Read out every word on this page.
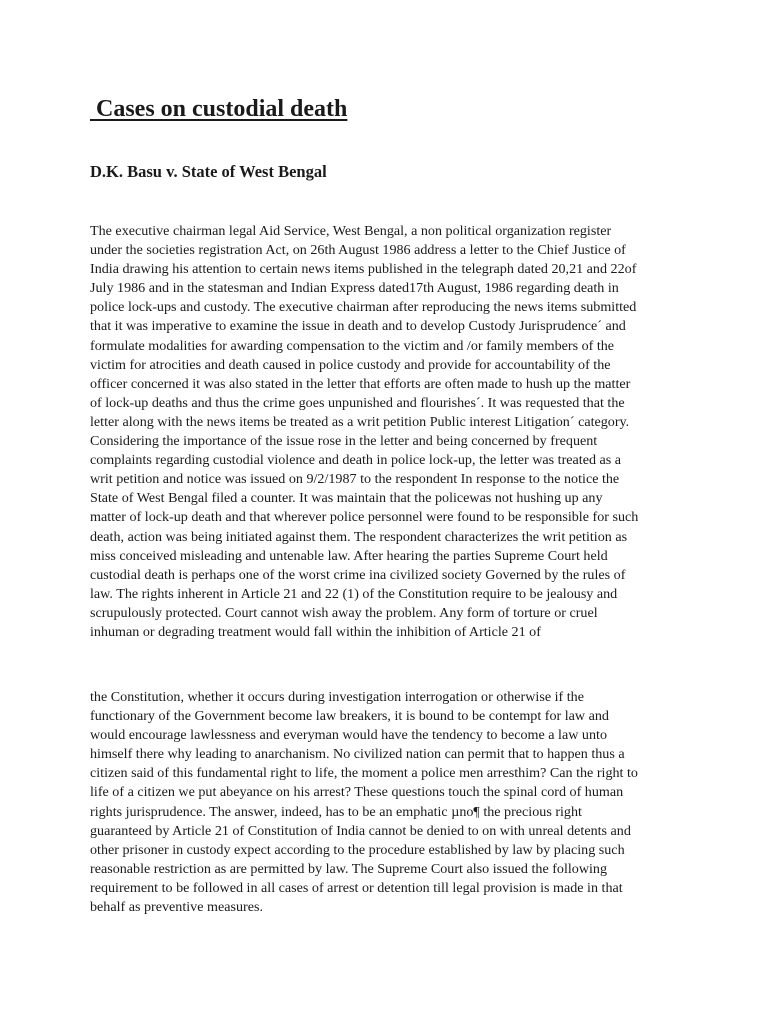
Cases on custodial death
D.K. Basu v. State of West Bengal
The executive chairman legal Aid Service, West Bengal, a non political organization register
under the societies registration Act, on 26th August 1986 address a letter to the Chief Justice of
India drawing his attention to certain news items published in the telegraph dated 20,21 and 22of
July 1986 and in the statesman and Indian Express dated17th August, 1986 regarding death in
police lock-ups and custody. The executive chairman after reproducing the news items submitted
that it was imperative to examine the issue in death and to develop Custody Jurisprudence´ and
formulate modalities for awarding compensation to the victim and /or family members of the
victim for atrocities and death caused in police custody and provide for accountability of the
officer concerned it was also stated in the letter that efforts are often made to hush up the matter
of lock-up deaths and thus the crime goes unpunished and flourishes´. It was requested that the
letter along with the news items be treated as a writ petition Public interest Litigation´ category.
Considering the importance of the issue rose in the letter and being concerned by frequent
complaints regarding custodial violence and death in police lock-up, the letter was treated as a
writ petition and notice was issued on 9/2/1987 to the respondent In response to the notice the
State of West Bengal filed a counter. It was maintain that the policewas not hushing up any
matter of lock-up death and that wherever police personnel were found to be responsible for such
death, action was being initiated against them. The respondent characterizes the writ petition as
miss conceived misleading and untenable law. After hearing the parties Supreme Court held
custodial death is perhaps one of the worst crime ina civilized society Governed by the rules of
law. The rights inherent in Article 21 and 22 (1) of the Constitution require to be jealousy and
scrupulously protected. Court cannot wish away the problem. Any form of torture or cruel
inhuman or degrading treatment would fall within the inhibition of Article 21 of
the Constitution, whether it occurs during investigation interrogation or otherwise if the
functionary of the Government become law breakers, it is bound to be contempt for law and
would encourage lawlessness and everyman would have the tendency to become a law unto
himself there why leading to anarchanism. No civilized nation can permit that to happen thus a
citizen said of this fundamental right to life, the moment a police men arresthim? Can the right to
life of a citizen we put abeyance on his arrest? These questions touch the spinal cord of human
rights jurisprudence. The answer, indeed, has to be an emphatic µno¶ the precious right
guaranteed by Article 21 of Constitution of India cannot be denied to on with unreal detents and
other prisoner in custody expect according to the procedure established by law by placing such
reasonable restriction as are permitted by law. The Supreme Court also issued the following
requirement to be followed in all cases of arrest or detention till legal provision is made in that
behalf as preventive measures.
